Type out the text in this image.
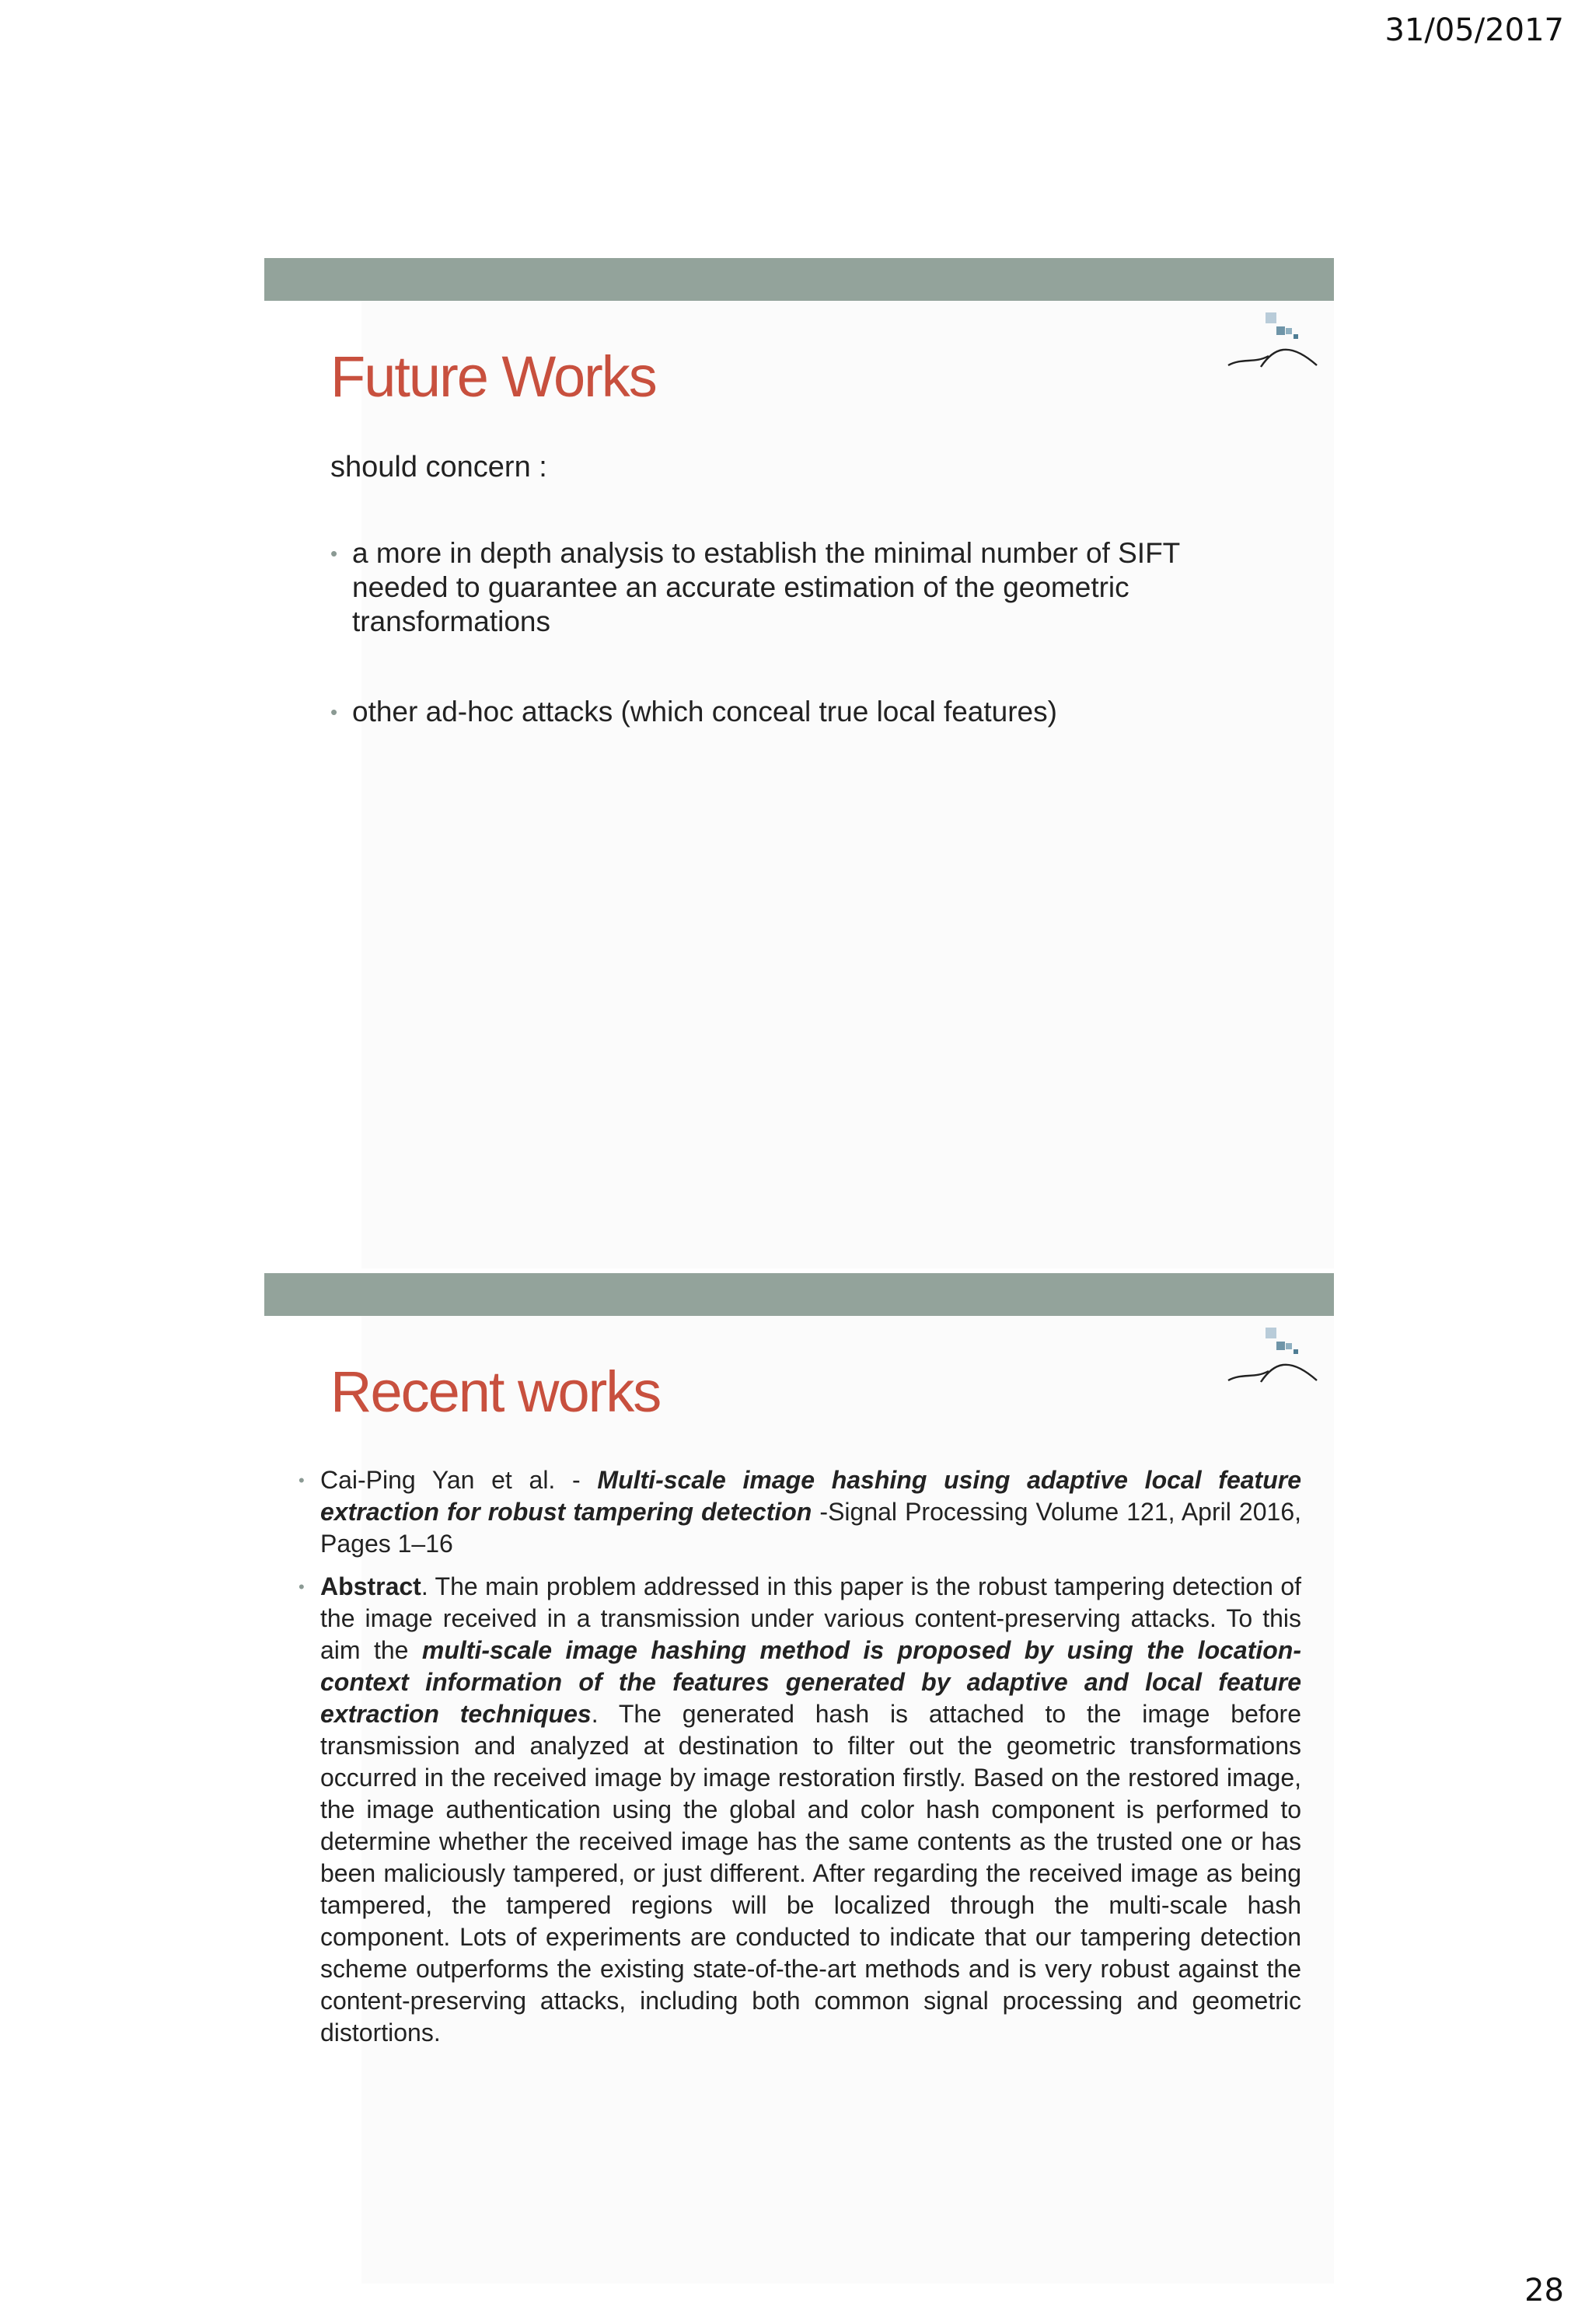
31/05/2017
Future Works
should concern :
• a more in depth analysis to establish the minimal number of SIFT needed to guarantee an accurate estimation of the geometric transformations
• other ad-hoc attacks (which conceal true local features)
Recent works
• Cai-Ping Yan et al. - Multi-scale image hashing using adaptive local feature extraction for robust tampering detection -Signal Processing Volume 121, April 2016, Pages 1–16
• Abstract. The main problem addressed in this paper is the robust tampering detection of the image received in a transmission under various content-preserving attacks. To this aim the multi-scale image hashing method is proposed by using the location-context information of the features generated by adaptive and local feature extraction techniques. The generated hash is attached to the image before transmission and analyzed at destination to filter out the geometric transformations occurred in the received image by image restoration firstly. Based on the restored image, the image authentication using the global and color hash component is performed to determine whether the received image has the same contents as the trusted one or has been maliciously tampered, or just different. After regarding the received image as being tampered, the tampered regions will be localized through the multi-scale hash component. Lots of experiments are conducted to indicate that our tampering detection scheme outperforms the existing state-of-the-art methods and is very robust against the content-preserving attacks, including both common signal processing and geometric distortions.
28
